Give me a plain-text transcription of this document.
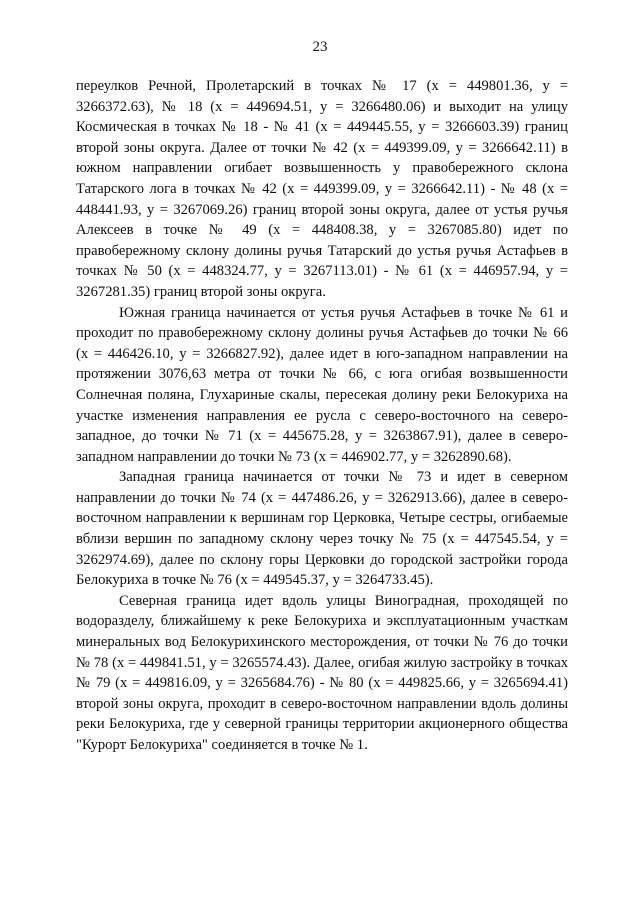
23

переулков Речной, Пролетарский в точках № 17 (х = 449801.36, у = 3266372.63), № 18 (х = 449694.51, у = 3266480.06) и выходит на улицу Космическая в точках № 18 - № 41 (х = 449445.55, у = 3266603.39) границ второй зоны округа. Далее от точки № 42 (х = 449399.09, у = 3266642.11) в южном направлении огибает возвышенность у правобережного склона Татарского лога в точках № 42 (х = 449399.09, у = 3266642.11) - № 48 (х = 448441.93, у = 3267069.26) границ второй зоны округа, далее от устья ручья Алексеев в точке № 49 (х = 448408.38, у = 3267085.80) идет по правобережному склону долины ручья Татарский до устья ручья Астафьев в точках № 50 (х = 448324.77, у = 3267113.01) - № 61 (х = 446957.94, у = 3267281.35) границ второй зоны округа.

Южная граница начинается от устья ручья Астафьев в точке № 61 и проходит по правобережному склону долины ручья Астафьев до точки № 66 (х = 446426.10, у = 3266827.92), далее идет в юго-западном направлении на протяжении 3076,63 метра от точки № 66, с юга огибая возвышенности Солнечная поляна, Глухариные скалы, пересекая долину реки Белокуриха на участке изменения направления ее русла с северо-восточного на северо-западное, до точки № 71 (х = 445675.28, у = 3263867.91), далее в северо-западном направлении до точки № 73 (х = 446902.77, у = 3262890.68).

Западная граница начинается от точки № 73 и идет в северном направлении до точки № 74 (х = 447486.26, у = 3262913.66), далее в северо-восточном направлении к вершинам гор Церковка, Четыре сестры, огибаемые вблизи вершин по западному склону через точку № 75 (х = 447545.54, у = 3262974.69), далее по склону горы Церковки до городской застройки города Белокуриха в точке № 76 (х = 449545.37, у = 3264733.45).

Северная граница идет вдоль улицы Виноградная, проходящей по водоразделу, ближайшему к реке Белокуриха и эксплуатационным участкам минеральных вод Белокурихинского месторождения, от точки № 76 до точки № 78 (х = 449841.51, у = 3265574.43). Далее, огибая жилую застройку в точках № 79 (х = 449816.09, у = 3265684.76) - № 80 (х = 449825.66, у = 3265694.41) второй зоны округа, проходит в северо-восточном направлении вдоль долины реки Белокуриха, где у северной границы территории акционерного общества "Курорт Белокуриха" соединяется в точке № 1.
